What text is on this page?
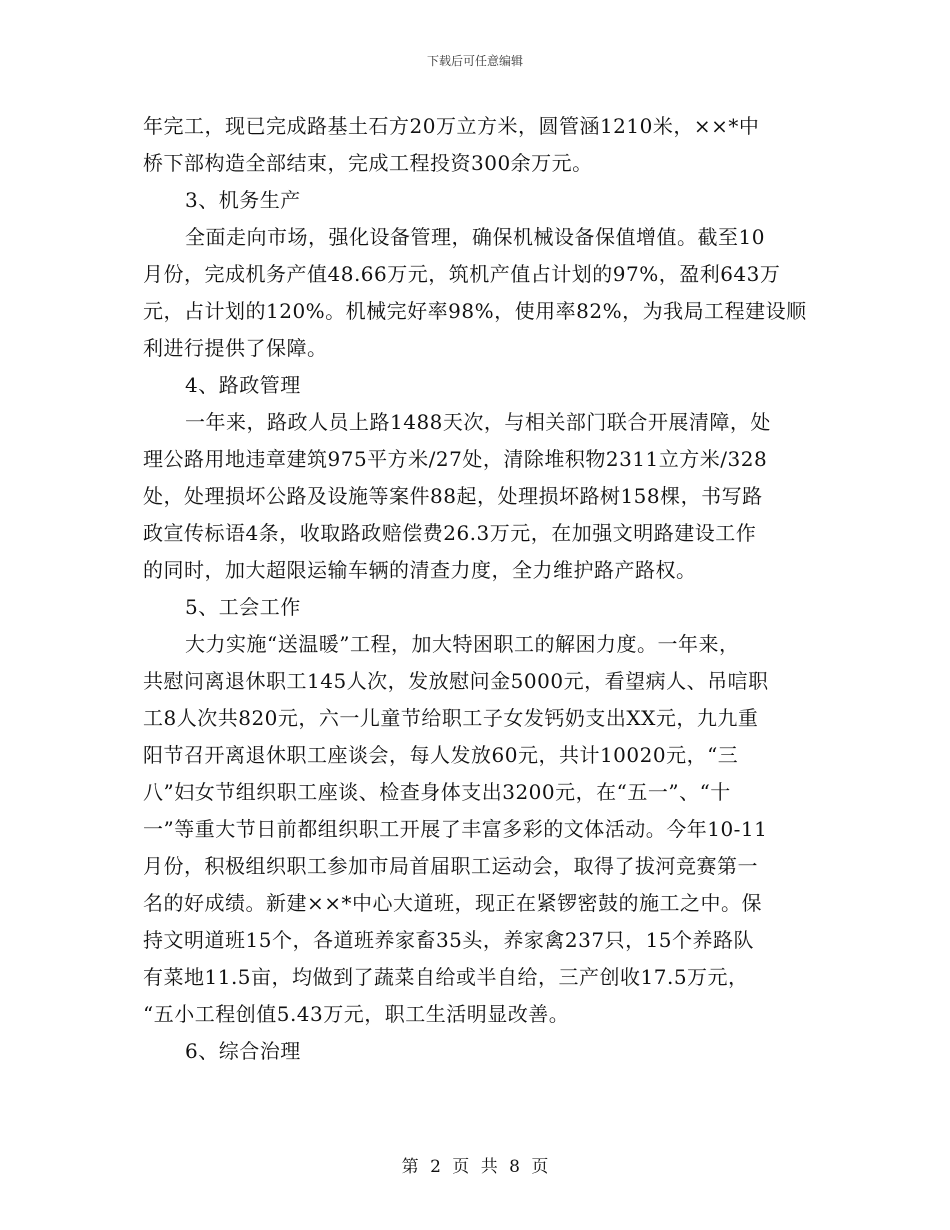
下载后可任意编辑
年完工，现已完成路基土石方20万立方米，圆管涵1210米，××*中
桥下部构造全部结束，完成工程投资300余万元。
3、机务生产
全面走向市场，强化设备管理，确保机械设备保值增值。截至10
月份，完成机务产值48.66万元，筑机产值占计划的97%，盈利643万
元，占计划的120%。机械完好率98%，使用率82%，为我局工程建设顺
利进行提供了保障。
4、路政管理
一年来，路政人员上路1488天次，与相关部门联合开展清障，处
理公路用地违章建筑975平方米/27处，清除堆积物2311立方米/328
处，处理损坏公路及设施等案件88起，处理损坏路树158棵，书写路
政宣传标语4条，收取路政赔偿费26.3万元，在加强文明路建设工作
的同时，加大超限运输车辆的清查力度，全力维护路产路权。
5、工会工作
大力实施“送温暖”工程，加大特困职工的解困力度。一年来，
共慰问离退休职工145人次，发放慰问金5000元，看望病人、吊唁职
工8人次共820元，六一儿童节给职工子女发钙奶支出XX元，九九重
阳节召开离退休职工座谈会，每人发放60元，共计10020元，“三
八”妇女节组织职工座谈、检查身体支出3200元，在“五一”、“十
一”等重大节日前都组织职工开展了丰富多彩的文体活动。今年10-11
月份，积极组织职工参加市局首届职工运动会，取得了拔河竞赛第一
名的好成绩。新建××*中心大道班，现正在紧锣密鼓的施工之中。保
持文明道班15个，各道班养家畜35头，养家禽237只，15个养路队
有菜地11.5亩，均做到了蔬菜自给或半自给，三产创收17.5万元，
“五小工程创值5.43万元，职工生活明显改善。
6、综合治理
第 2 页 共 8 页
